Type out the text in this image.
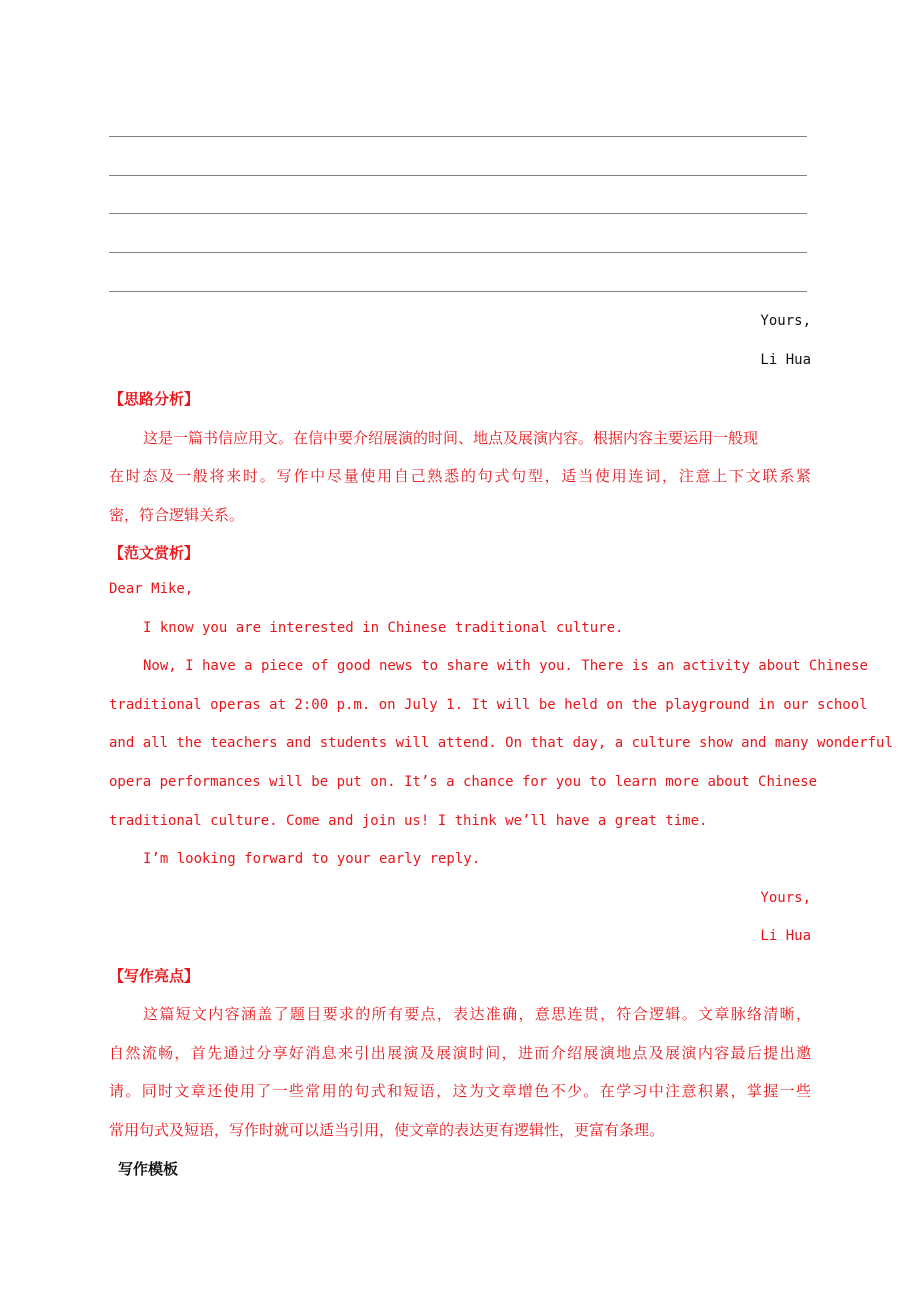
Yours,
Li Hua
【思路分析】
这是一篇书信应用文。在信中要介绍展演的时间、地点及展演内容。根据内容主要运用一般现
在时态及一般将来时。写作中尽量使用自己熟悉的句式句型，适当使用连词，注意上下文联系紧
密，符合逻辑关系。
【范文赏析】
Dear Mike,
I know you are interested in Chinese traditional culture.
Now, I have a piece of good news to share with you. There is an activity about Chinese
traditional operas at 2:00 p.m. on July 1. It will be held on the playground in our school
and all the teachers and students will attend. On that day, a culture show and many wonderful
opera performances will be put on. It’s a chance for you to learn more about Chinese
traditional culture. Come and join us! I think we’ll have a great time.
I’m looking forward to your early reply.
Yours,
Li Hua
【写作亮点】
这篇短文内容涵盖了题目要求的所有要点，表达准确，意思连贯，符合逻辑。文章脉络清晰，
自然流畅，首先通过分享好消息来引出展演及展演时间，进而介绍展演地点及展演内容最后提出邀
请。同时文章还使用了一些常用的句式和短语，这为文章增色不少。在学习中注意积累，掌握一些
常用句式及短语，写作时就可以适当引用，使文章的表达更有逻辑性，更富有条理。
写作模板
